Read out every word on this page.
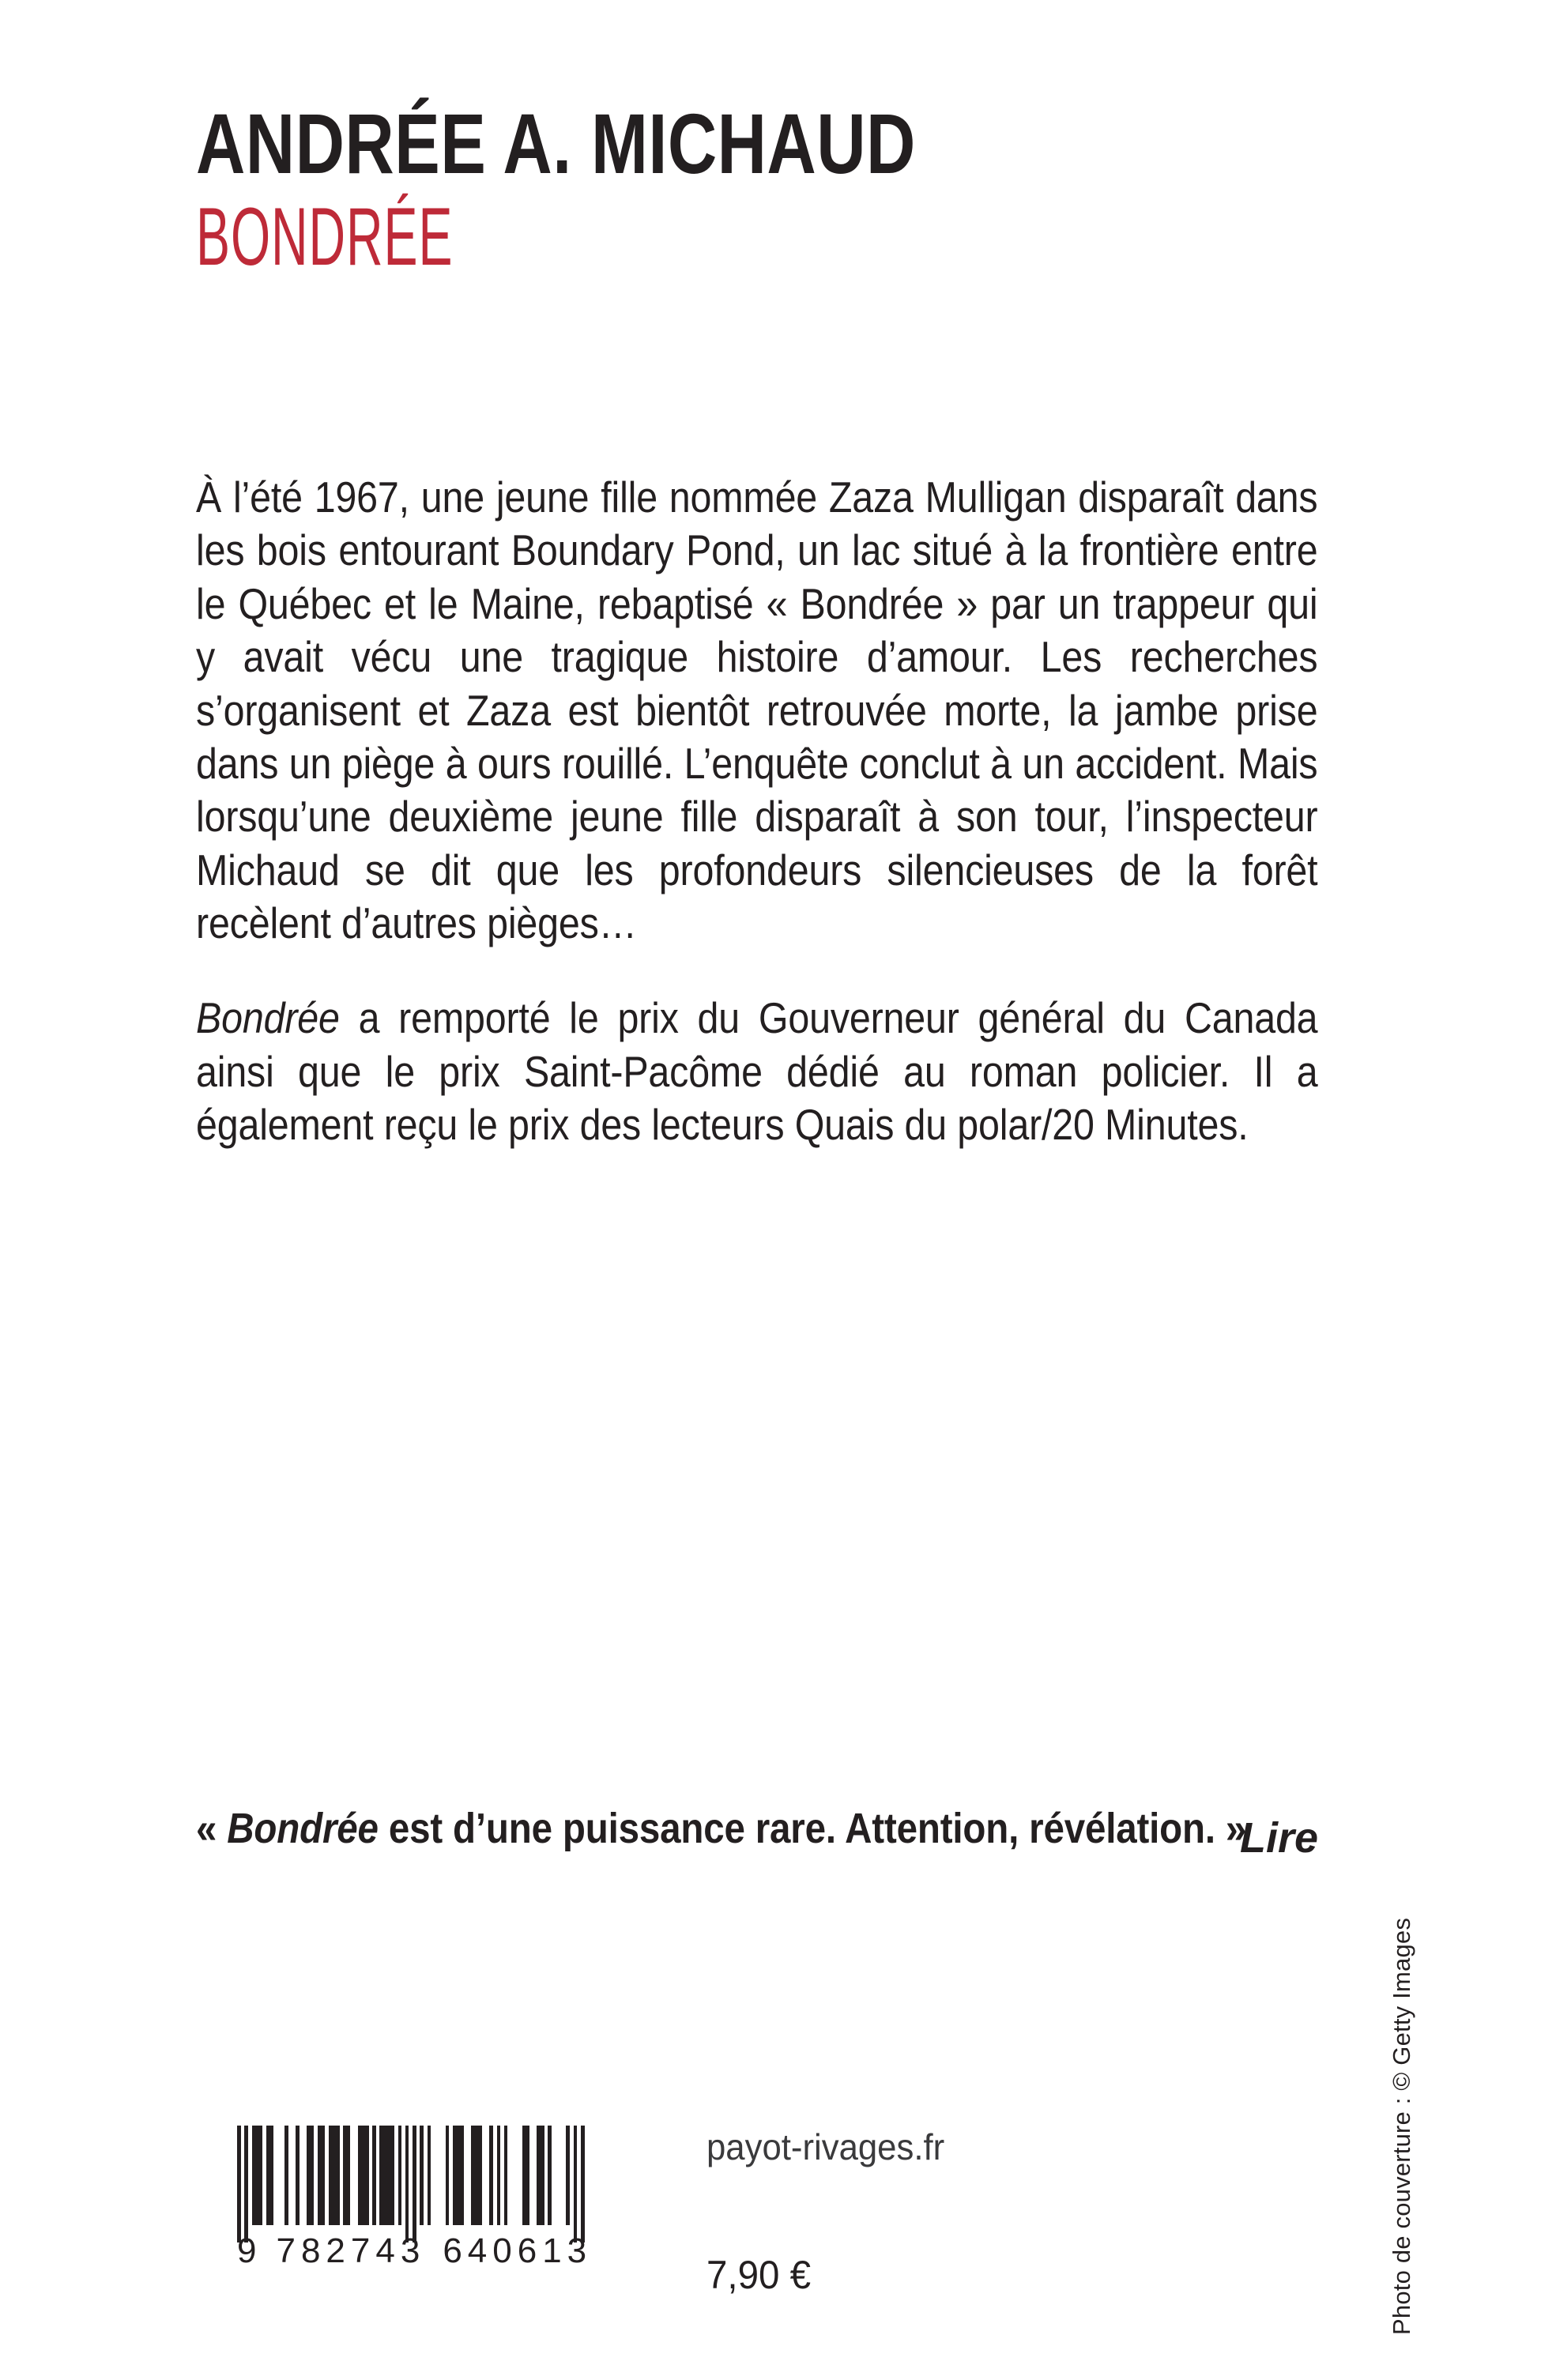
ANDRÉE A. MICHAUD
BONDRÉE
À l’été 1967, une jeune fille nommée Zaza Mulligan disparaît dans les bois entourant Boundary Pond, un lac situé à la frontière entre le Québec et le Maine, rebaptisé « Bondrée » par un trappeur qui y avait vécu une tragique histoire d’amour. Les recherches s’organisent et Zaza est bientôt retrouvée morte, la jambe prise dans un piège à ours rouillé. L’enquête conclut à un accident. Mais lorsqu’une deuxième jeune fille disparaît à son tour, l’inspecteur Michaud se dit que les profondeurs silencieuses de la forêt recèlent d’autres pièges…
Bondrée a remporté le prix du Gouverneur général du Canada ainsi que le prix Saint-Pacôme dédié au roman policier. Il a également reçu le prix des lecteurs Quais du polar/20 Minutes.
« Bondrée est d’une puissance rare. Attention, révélation. »
Lire
9 782743 640613
payot-rivages.fr
7,90 €	Photo de couverture : © Getty Images
